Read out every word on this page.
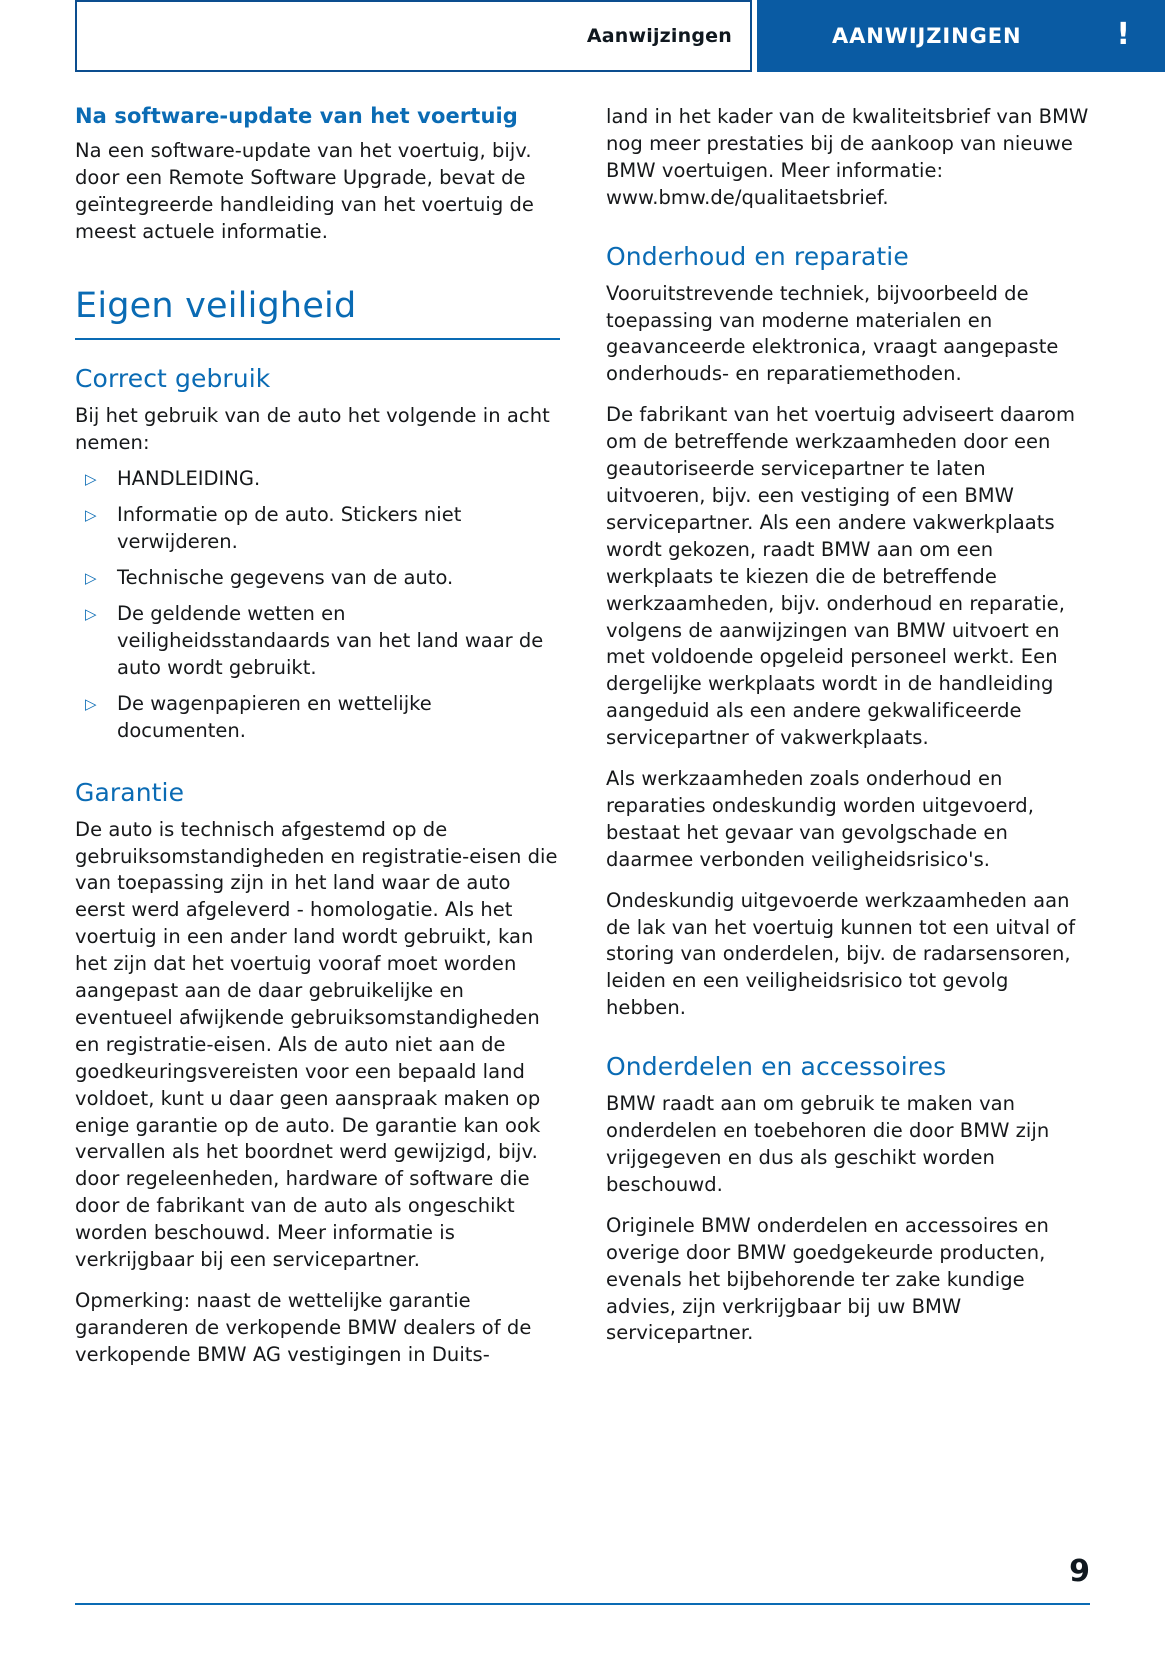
Aanwijzingen	AANWIJZINGEN	!
Na software-update van het voertuig

Na een software-update van het voertuig, bijv. door een Remote Software Upgrade, bevat de geïntegreerde handleiding van het voertuig de meest actuele informatie.

Eigen veiligheid
Correct gebruik

Bij het gebruik van de auto het volgende in acht nemen:

▷ HANDLEIDING.
▷ Informatie op de auto. Stickers niet verwijderen.
▷ Technische gegevens van de auto.
▷ De geldende wetten en veiligheidsstandaards van het land waar de auto wordt gebruikt.
▷ De wagenpapieren en wettelijke documenten.
Garantie

De auto is technisch afgestemd op de gebruiksomstandigheden en registratie-eisen die van toepassing zijn in het land waar de auto eerst werd afgeleverd - homologatie. Als het voertuig in een ander land wordt gebruikt, kan het zijn dat het voertuig vooraf moet worden aangepast aan de daar gebruikelijke en eventueel afwijkende gebruiksomstandigheden en registratie-eisen. Als de auto niet aan de goedkeuringsvereisten voor een bepaald land voldoet, kunt u daar geen aanspraak maken op enige garantie op de auto. De garantie kan ook vervallen als het boordnet werd gewijzigd, bijv. door regeleenheden, hardware of software die door de fabrikant van de auto als ongeschikt worden beschouwd. Meer informatie is verkrijgbaar bij een servicepartner.

Opmerking: naast de wettelijke garantie garanderen de verkopende BMW dealers of de verkopende BMW AG vestigingen in Duits-

land in het kader van de kwaliteitsbrief van BMW nog meer prestaties bij de aankoop van nieuwe BMW voertuigen. Meer informatie: www.bmw.de/qualitaetsbrief.

Onderhoud en reparatie

Vooruitstrevende techniek, bijvoorbeeld de toepassing van moderne materialen en geavanceerde elektronica, vraagt aangepaste onderhouds- en reparatiemethoden.

De fabrikant van het voertuig adviseert daarom om de betreffende werkzaamheden door een geautoriseerde servicepartner te laten uitvoeren, bijv. een vestiging of een BMW servicepartner. Als een andere vakwerkplaats wordt gekozen, raadt BMW aan om een werkplaats te kiezen die de betreffende werkzaamheden, bijv. onderhoud en reparatie, volgens de aanwijzingen van BMW uitvoert en met voldoende opgeleid personeel werkt. Een dergelijke werkplaats wordt in de handleiding aangeduid als een andere gekwalificeerde servicepartner of vakwerkplaats.

Als werkzaamheden zoals onderhoud en reparaties ondeskundig worden uitgevoerd, bestaat het gevaar van gevolgschade en daarmee verbonden veiligheidsrisico's.

Ondeskundig uitgevoerde werkzaamheden aan de lak van het voertuig kunnen tot een uitval of storing van onderdelen, bijv. de radarsensoren, leiden en een veiligheidsrisico tot gevolg hebben.

Onderdelen en accessoires

BMW raadt aan om gebruik te maken van onderdelen en toebehoren die door BMW zijn vrijgegeven en dus als geschikt worden beschouwd.

Originele BMW onderdelen en accessoires en overige door BMW goedgekeurde producten, evenals het bijbehorende ter zake kundige advies, zijn verkrijgbaar bij uw BMW servicepartner.

9
